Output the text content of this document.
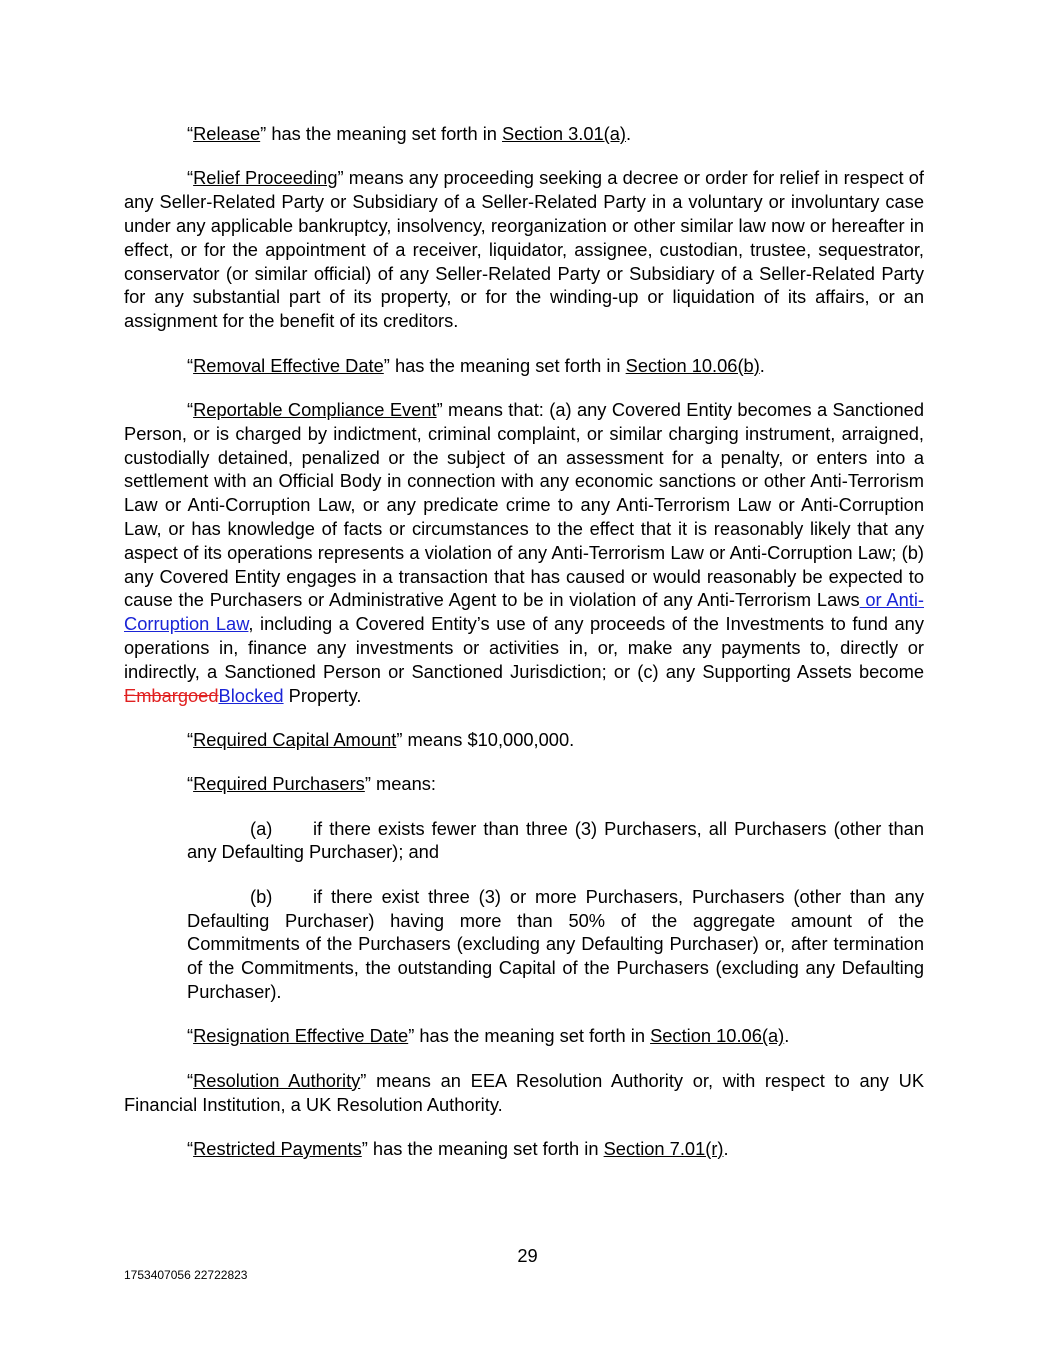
“Release” has the meaning set forth in Section 3.01(a).

“Relief Proceeding” means any proceeding seeking a decree or order for relief in respect of any Seller-Related Party or Subsidiary of a Seller-Related Party in a voluntary or involuntary case under any applicable bankruptcy, insolvency, reorganization or other similar law now or hereafter in effect, or for the appointment of a receiver, liquidator, assignee, custodian, trustee, sequestrator, conservator (or similar official) of any Seller-Related Party or Subsidiary of a Seller-Related Party for any substantial part of its property, or for the winding-up or liquidation of its affairs, or an assignment for the benefit of its creditors.

“Removal Effective Date” has the meaning set forth in Section 10.06(b).

“Reportable Compliance Event” means that: (a) any Covered Entity becomes a Sanctioned Person, or is charged by indictment, criminal complaint, or similar charging instrument, arraigned, custodially detained, penalized or the subject of an assessment for a penalty, or enters into a settlement with an Official Body in connection with any economic sanctions or other Anti-Terrorism Law or Anti-Corruption Law, or any predicate crime to any Anti-Terrorism Law or Anti-Corruption Law, or has knowledge of facts or circumstances to the effect that it is reasonably likely that any aspect of its operations represents a violation of any Anti-Terrorism Law or Anti-Corruption Law; (b) any Covered Entity engages in a transaction that has caused or would reasonably be expected to cause the Purchasers or Administrative Agent to be in violation of any Anti-Terrorism Laws or Anti-Corruption Law, including a Covered Entity’s use of any proceeds of the Investments to fund any operations in, finance any investments or activities in, or, make any payments to, directly or indirectly, a Sanctioned Person or Sanctioned Jurisdiction; or (c) any Supporting Assets become EmbargoedBlocked Property.

“Required Capital Amount” means $10,000,000.

“Required Purchasers” means:

(a) if there exists fewer than three (3) Purchasers, all Purchasers (other than any Defaulting Purchaser); and

(b) if there exist three (3) or more Purchasers, Purchasers (other than any Defaulting Purchaser) having more than 50% of the aggregate amount of the Commitments of the Purchasers (excluding any Defaulting Purchaser) or, after termination of the Commitments, the outstanding Capital of the Purchasers (excluding any Defaulting Purchaser).

“Resignation Effective Date” has the meaning set forth in Section 10.06(a).

“Resolution Authority” means an EEA Resolution Authority or, with respect to any UK Financial Institution, a UK Resolution Authority.

“Restricted Payments” has the meaning set forth in Section 7.01(r).

29
1753407056 22722823
